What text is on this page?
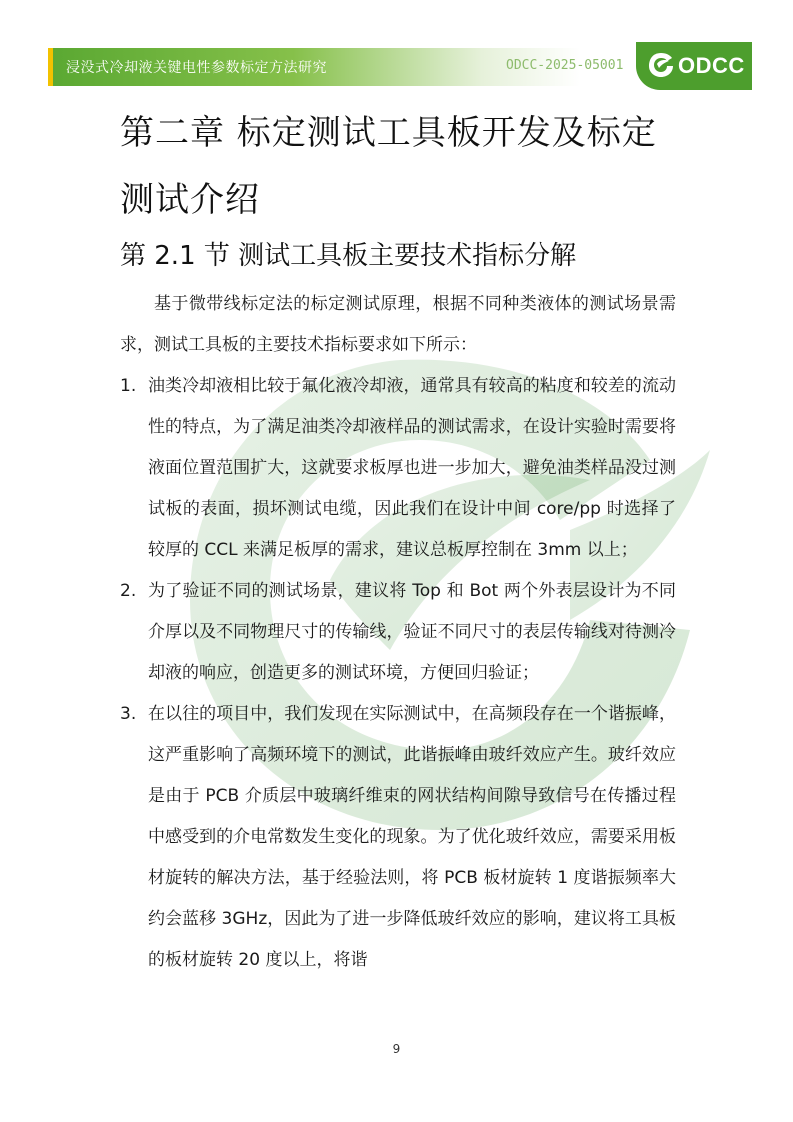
浸没式冷却液关键电性参数标定方法研究	ODCC-2025-05001 ODCC
第二章 标定测试工具板开发及标定测试介绍
第 2.1 节 测试工具板主要技术指标分解

基于微带线标定法的标定测试原理，根据不同种类液体的测试场景需求，测试工具板的主要技术指标要求如下所示：

1. 油类冷却液相比较于氟化液冷却液，通常具有较高的粘度和较差的流动性的特点，为了满足油类冷却液样品的测试需求，在设计实验时需要将液面位置范围扩大，这就要求板厚也进一步加大，避免油类样品没过测试板的表面，损坏测试电缆，因此我们在设计中间 core/pp 时选择了较厚的 CCL 来满足板厚的需求，建议总板厚控制在 3mm 以上；
2. 为了验证不同的测试场景，建议将 Top 和 Bot 两个外表层设计为不同介厚以及不同物理尺寸的传输线，验证不同尺寸的表层传输线对待测冷却液的响应，创造更多的测试环境，方便回归验证；
3. 在以往的项目中，我们发现在实际测试中，在高频段存在一个谐振峰，这严重影响了高频环境下的测试，此谐振峰由玻纤效应产生。玻纤效应是由于 PCB 介质层中玻璃纤维束的网状结构间隙导致信号在传播过程中感受到的介电常数发生变化的现象。为了优化玻纤效应，需要采用板材旋转的解决方法，基于经验法则，将 PCB 板材旋转 1 度谐振频率大约会蓝移 3GHz，因此为了进一步降低玻纤效应的影响，建议将工具板的板材旋转 20 度以上，将谐
9
